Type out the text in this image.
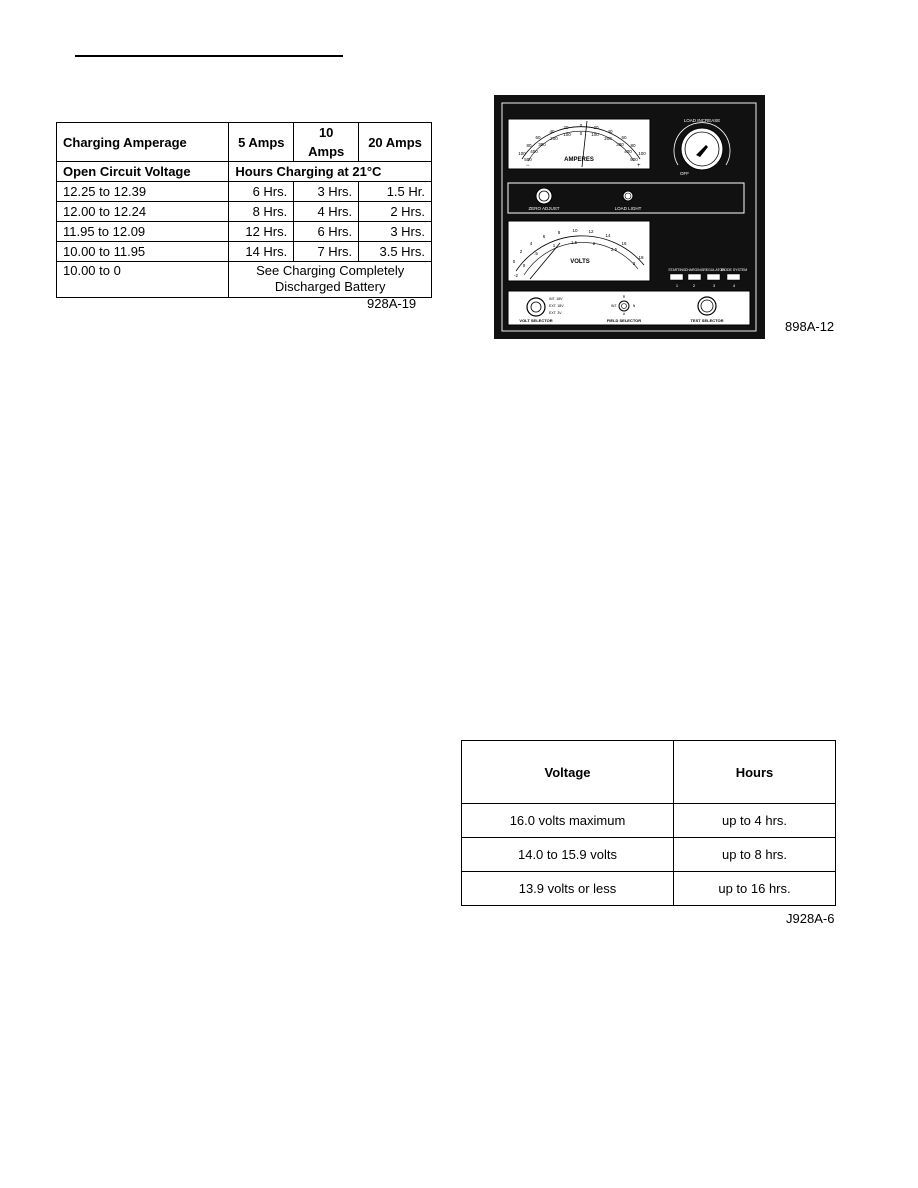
Charging Amperage	5 Amps	10 Amps	20 Amps
Open Circuit Voltage	Hours Charging at 21°C		
12.25 to 12.39	6 Hrs.	3 Hrs.	1.5 Hr.
12.00 to 12.24	8 Hrs.	4 Hrs.	2 Hrs.
11.95 to 12.09	12 Hrs.	6 Hrs.	3 Hrs.
10.00 to 11.95	14 Hrs.	7 Hrs.	3.5 Hrs.
10.00 to 0	See Charging Completely
Discharged Battery		
928A-19
100
80
60
40
20 0 20
40
60
80
100
500
400
300
200
100 0 100
200
300
400
500
AMPERES
−	+
LOAD INCREASE
OFF
ZERO ADJUST	LOAD LIGHT
0
2
4
6
8	10 12
14
16
18
-2
0
.5
1
1.5	2
2.5
3
VOLTS
STARTING
CHARGING REGULATOR
DIODE SYSTEM
1	2	3	4
INT. 18V
EXT. 18V
EXT. 3V
R
INT.	N
A
VOLT SELECTOR	FIELD SELECTOR	TEST SELECTOR	898A-12
Voltage	Hours
16.0 volts maximum	up to 4 hrs.
14.0 to 15.9 volts	up to 8 hrs.
13.9 volts or less	up to 16 hrs.
J928A-6
